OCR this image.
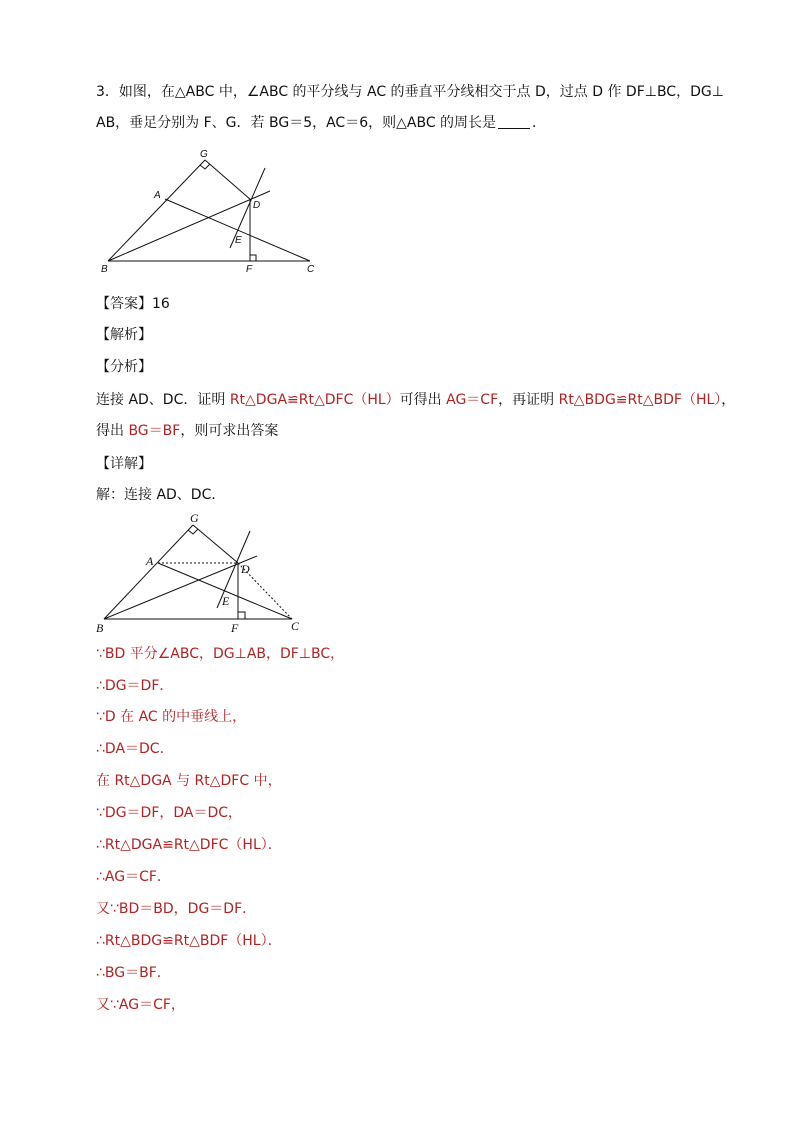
3．如图，在△ABC 中，∠ABC 的平分线与 AC 的垂直平分线相交于点 D，过点 D 作 DF⊥BC，DG⊥
AB，垂足分别为 F、G．若 BG＝5，AC＝6，则△ABC 的周长是	．
G
A
D
E
B	F	C
【答案】16
【解析】
【分析】
连接 AD、DC．证明 Rt△DGA≌Rt△DFC（HL）可得出 AG＝CF，再证明 Rt△BDG≌Rt△BDF（HL），
得出 BG＝BF，则可求出答案
【详解】
解：连接 AD、DC．
G
A
D
E
B	F	C
∵BD 平分∠ABC，DG⊥AB，DF⊥BC，
∴DG＝DF．
∵D 在 AC 的中垂线上，
∴DA＝DC．
在 Rt△DGA 与 Rt△DFC 中，
∵DG＝DF，DA＝DC，
∴Rt△DGA≌Rt△DFC（HL）．
∴AG＝CF．
又∵BD＝BD，DG＝DF．
∴Rt△BDG≌Rt△BDF（HL）．
∴BG＝BF．
又∵AG＝CF，
